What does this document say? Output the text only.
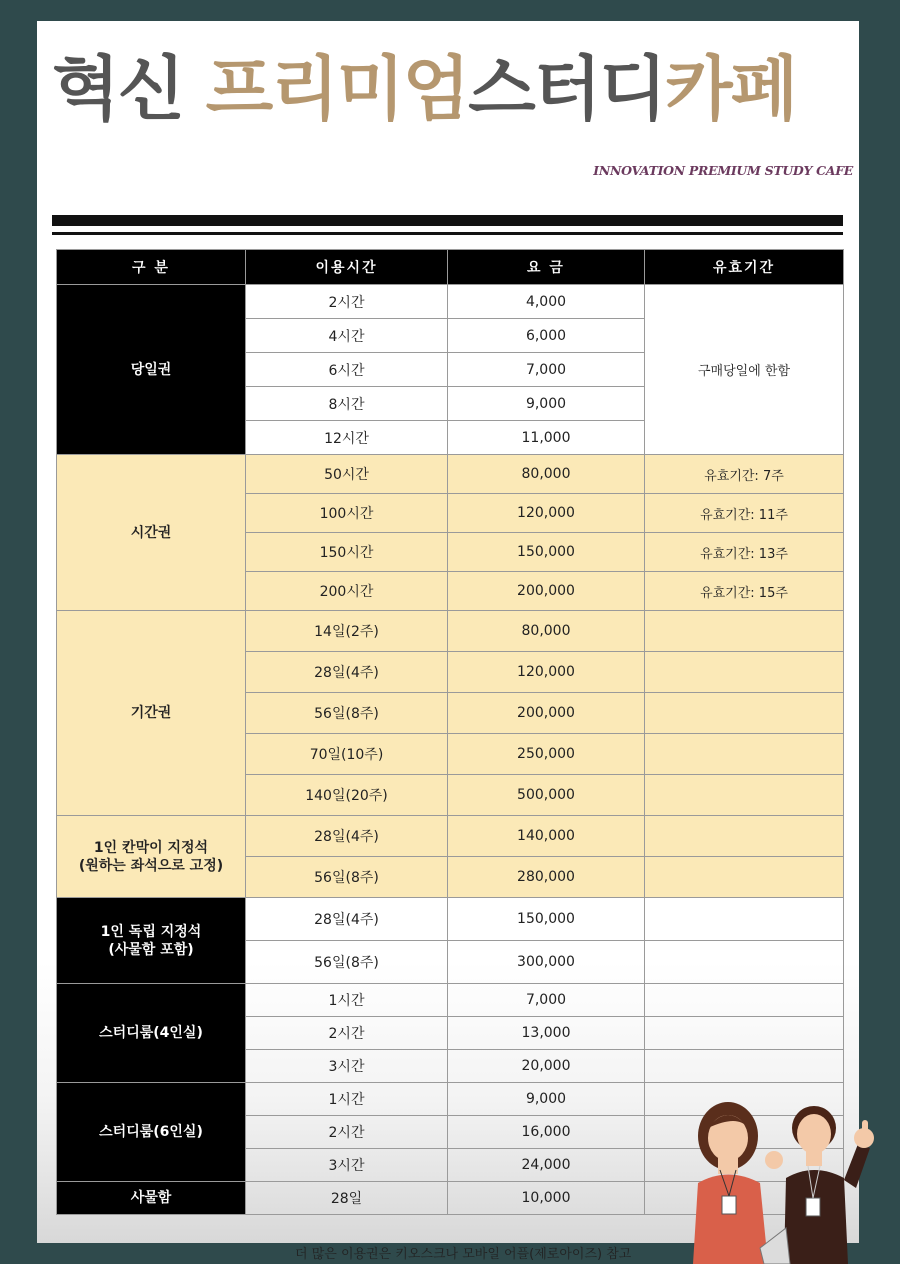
혁신 프리미엄스터디카페
INNOVATION PREMIUM STUDY CAFE
구 분	이용시간	요 금	유효기간
당일권	2시간	4,000	구매당일에 한함
	4시간	6,000	
	6시간	7,000	
	8시간	9,000	
	12시간	11,000	
시간권	50시간	80,000	유효기간: 7주
	100시간	120,000	유효기간: 11주
	150시간	150,000	유효기간: 13주
	200시간	200,000	유효기간: 15주
기간권	14일(2주)	80,000	
	28일(4주)	120,000	
	56일(8주)	200,000	
	70일(10주)	250,000	
	140일(20주)	500,000	
1인 칸막이 지정석
(원하는 좌석으로 고정)	28일(4주)	140,000	
	56일(8주)	280,000	
1인 독립 지정석
(사물함 포함)	28일(4주)	150,000	
	56일(8주)	300,000	
스터디룸(4인실)	1시간	7,000	
	2시간	13,000	
	3시간	20,000	
스터디룸(6인실)	1시간	9,000	
	2시간	16,000	
	3시간	24,000	
사물함	28일	10,000	
더 많은 이용권은 키오스크나 모바일 어플(제로아이즈) 참고
